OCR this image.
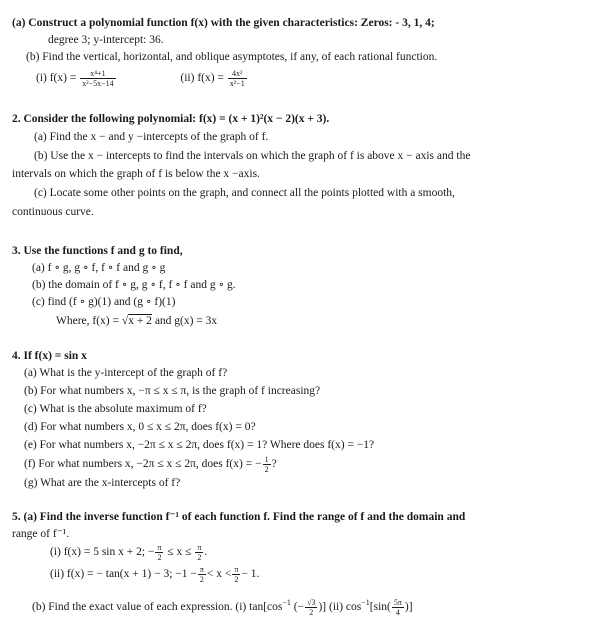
(a) Construct a polynomial function f(x) with the given characteristics: Zeros: - 3, 1, 4;
degree 3; y-intercept: 36.
(b) Find the vertical, horizontal, and oblique asymptotes, if any, of each rational function.
(i) $f(x) = \frac{\text{x⁴+1}}{\text{x²−5x−14}}$	(ii) $f(x) = \frac{\text{4x²}}{\text{x²−1}}$
2. Consider the following polynomial: f(x) = (x + 1)²(x − 2)(x + 3).
(a) Find the x − and y −intercepts of the graph of f.
(b) Use the x − intercepts to find the intervals on which the graph of f is above x − axis and the
intervals on which the graph of f is below the x −axis.
(c) Locate some other points on the graph, and connect all the points plotted with a smooth,
continuous curve.
3. Use the functions f and g to find,
(a) f ∘ g, g ∘ f, f ∘ f and g ∘ g
(b) the domain of f ∘ g, g ∘ f, f ∘ f and g ∘ g.
(c) find (f ∘ g)(1) and (g ∘ f)(1)
Where, f(x) = √x + 2 and g(x) = 3x
4. If f(x) = sin x
(a) What is the y-intercept of the graph of f?
(b) For what numbers x, −π ≤ x ≤ π, is the graph of f increasing?
(c) What is the absolute maximum of f?
(d) For what numbers x, 0 ≤ x ≤ 2π, does f(x) = 0?
(e) For what numbers x, −2π ≤ x ≤ 2π, does f(x) = 1? Where does f(x) = −1?
(f) For what numbers x, −2π ≤ x ≤ 2π, does f(x) = − $\frac{1}{2}$ ?
(g) What are the x-intercepts of f?
5. (a) Find the inverse function f⁻¹ of each function f. Find the range of f and the domain and
range of f⁻¹.
(i) f(x) = 5 sin x + 2; − $\frac{\pi}{2} \le x \le \frac{\pi}{2}$ .
(ii) f(x) = − tan(x + 1) − 3; $-1 - \frac{\pi}{2} < x < \frac{\pi}{2} - 1$.
(b) Find the exact value of each expression. (i) $\tan[\cos^{-1}$ (− $\frac{√3}{2}$ )] (ii) $\cos^{-1}[\sin( \frac{5\pi}{4}$ )]
